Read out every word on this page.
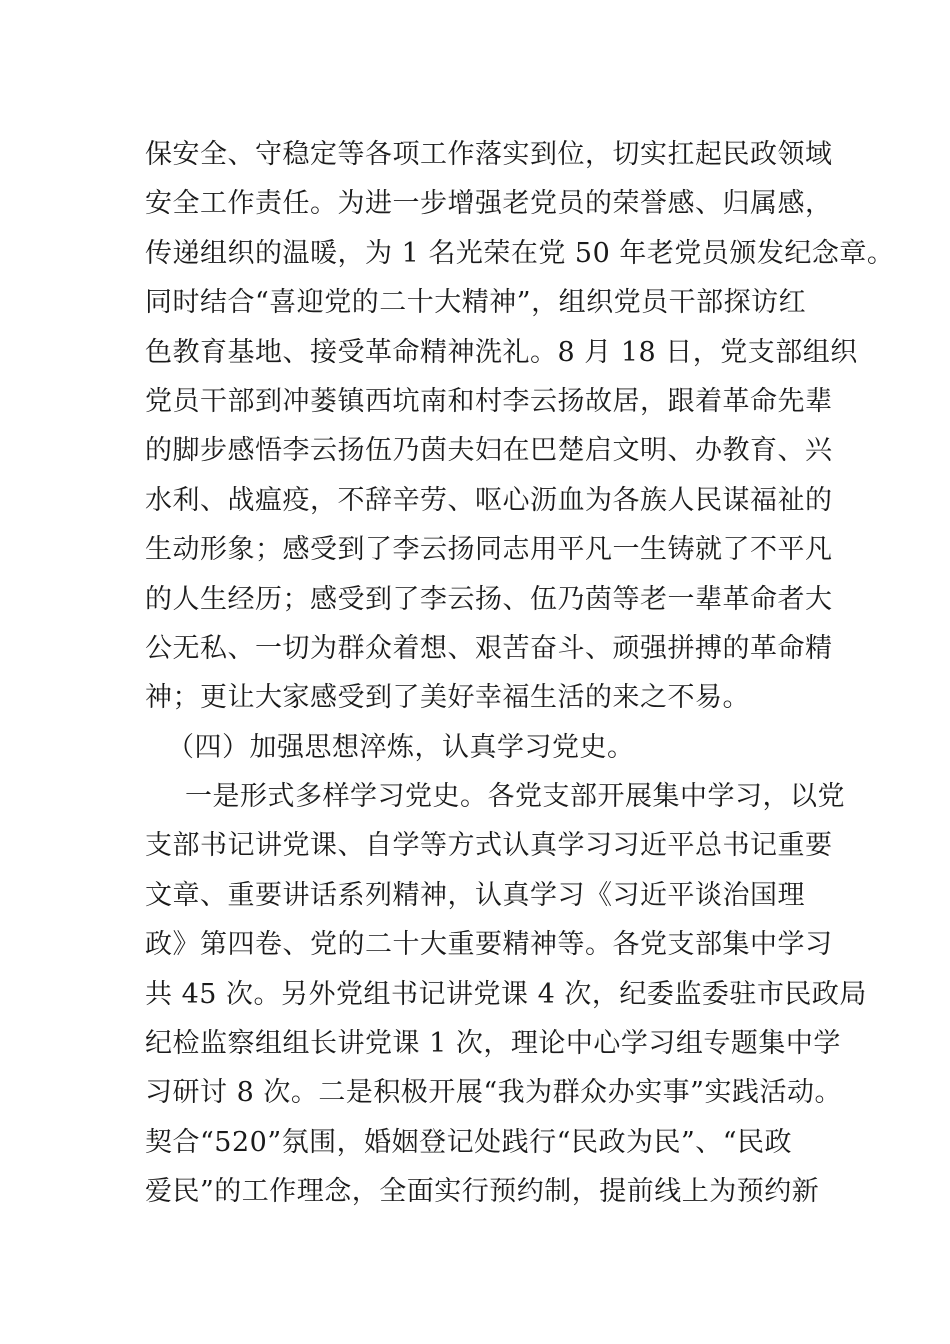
保安全、守稳定等各项工作落实到位，切实扛起民政领域
安全工作责任。为进一步增强老党员的荣誉感、归属感，
传递组织的温暖，为 1 名光荣在党 50 年老党员颁发纪念章。
同时结合“喜迎党的二十大精神”，组织党员干部探访红
色教育基地、接受革命精神洗礼。8 月 18 日，党支部组织
党员干部到冲蒌镇西坑南和村李云扬故居，跟着革命先辈
的脚步感悟李云扬伍乃茵夫妇在巴楚启文明、办教育、兴
水利、战瘟疫，不辞辛劳、呕心沥血为各族人民谋福祉的
生动形象；感受到了李云扬同志用平凡一生铸就了不平凡
的人生经历；感受到了李云扬、伍乃茵等老一辈革命者大
公无私、一切为群众着想、艰苦奋斗、顽强拼搏的革命精
神；更让大家感受到了美好幸福生活的来之不易。
（四）加强思想淬炼，认真学习党史。
一是形式多样学习党史。各党支部开展集中学习，以党
支部书记讲党课、自学等方式认真学习习近平总书记重要
文章、重要讲话系列精神，认真学习《习近平谈治国理
政》第四卷、党的二十大重要精神等。各党支部集中学习
共 45 次。另外党组书记讲党课 4 次，纪委监委驻市民政局
纪检监察组组长讲党课 1 次，理论中心学习组专题集中学
习研讨 8 次。二是积极开展“我为群众办实事”实践活动。
契合“520”氛围，婚姻登记处践行“民政为民”、“民政
爱民”的工作理念，全面实行预约制，提前线上为预约新
